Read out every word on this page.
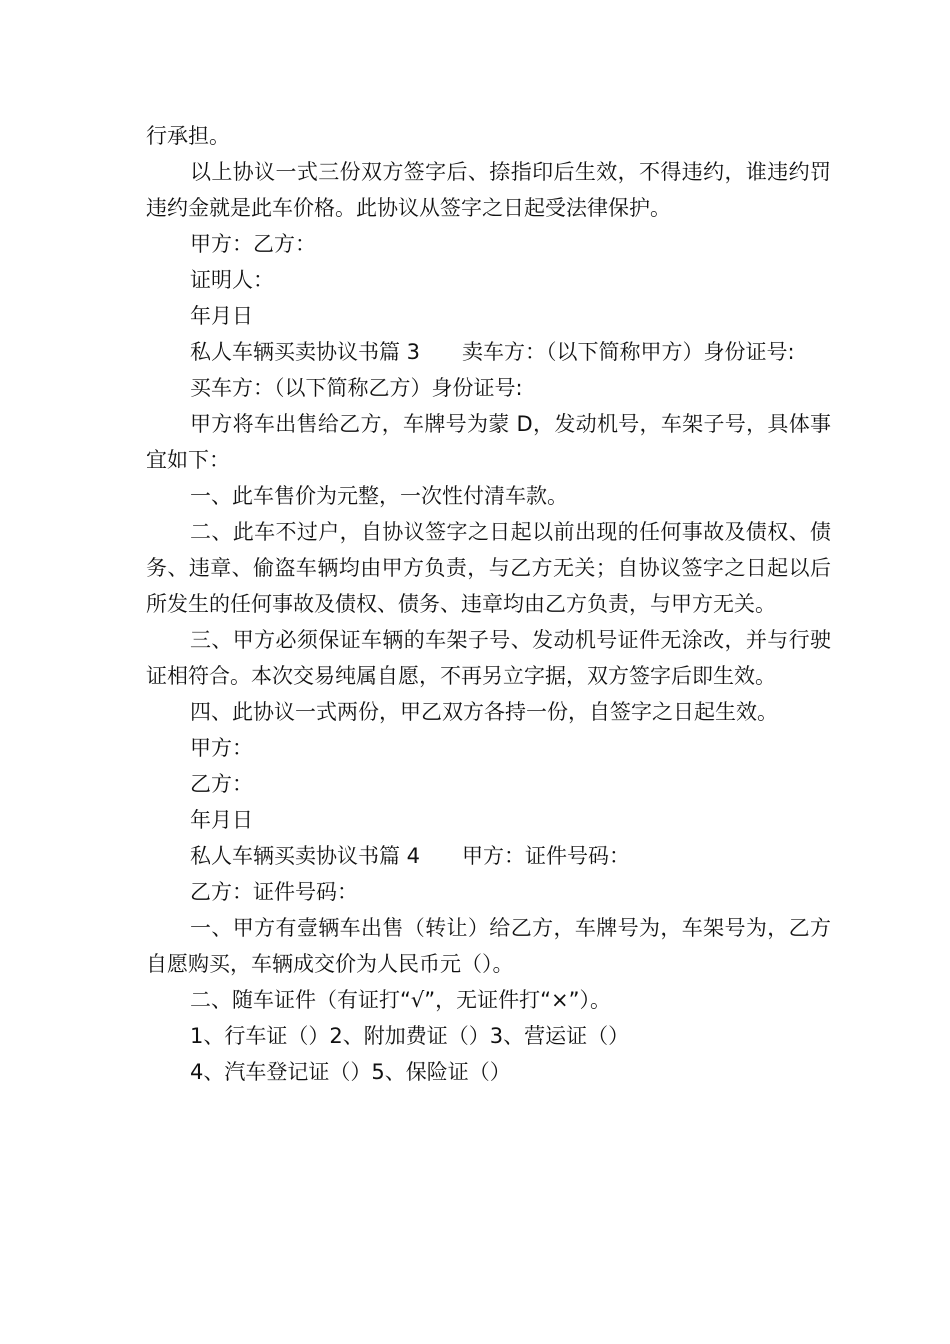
行承担。

以上协议一式三份双方签字后、捺指印后生效，不得违约，谁违约罚违约金就是此车价格。此协议从签字之日起受法律保护。

甲方：乙方：

证明人：

年月日

私人车辆买卖协议书篇 3　　卖车方：（以下简称甲方）身份证号:

买车方：（以下简称乙方）身份证号:

甲方将车出售给乙方，车牌号为蒙 D，发动机号，车架子号，具体事宜如下：

一、此车售价为元整，一次性付清车款。

二、此车不过户，自协议签字之日起以前出现的任何事故及债权、债务、违章、偷盗车辆均由甲方负责，与乙方无关；自协议签字之日起以后所发生的任何事故及债权、债务、违章均由乙方负责，与甲方无关。

三、甲方必须保证车辆的车架子号、发动机号证件无涂改，并与行驶证相符合。本次交易纯属自愿，不再另立字据，双方签字后即生效。

四、此协议一式两份，甲乙双方各持一份，自签字之日起生效。

甲方：

乙方：

年月日

私人车辆买卖协议书篇 4　　甲方：证件号码：

乙方：证件号码：

一、甲方有壹辆车出售（转让）给乙方，车牌号为，车架号为，乙方自愿购买，车辆成交价为人民币元（）。

二、随车证件（有证打“√”，无证件打“×”）。

1、行车证（）2、附加费证（）3、营运证（）

4、汽车登记证（）5、保险证（）
